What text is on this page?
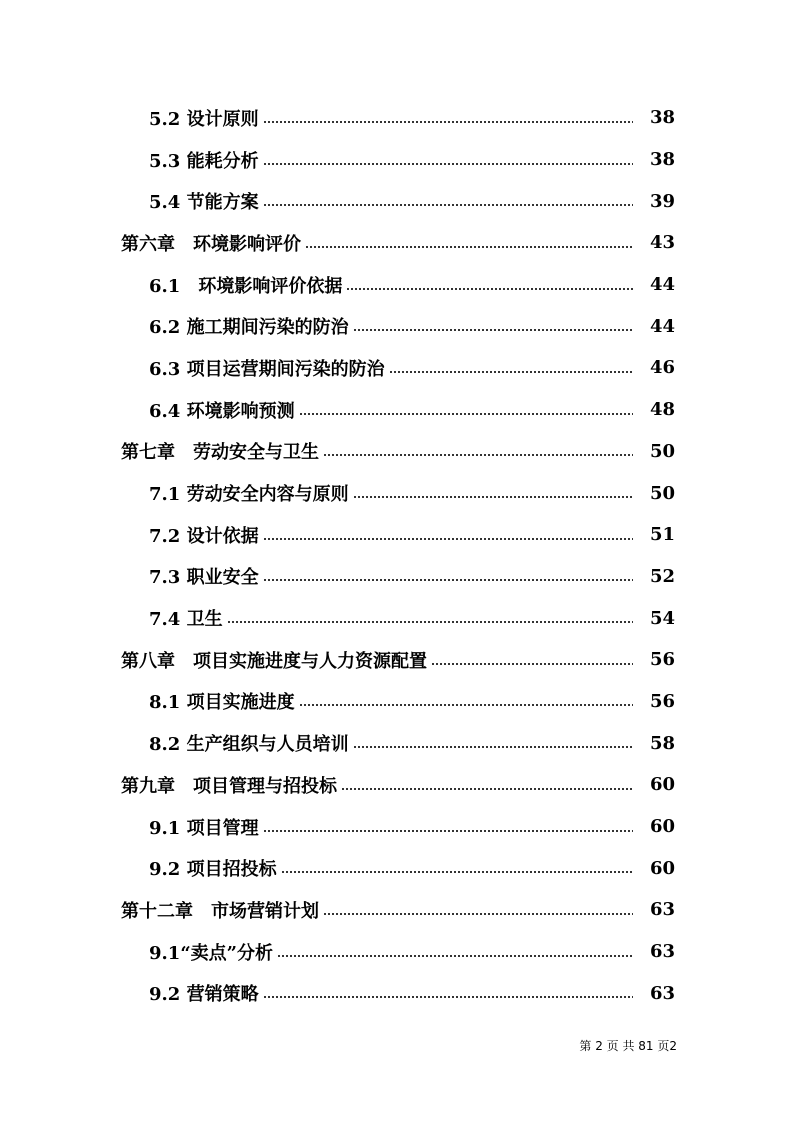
5.2 设计原则	38
5.3 能耗分析	38
5.4 节能方案	39
第六章　环境影响评价	43
6.1　环境影响评价依据	44
6.2 施工期间污染的防治	44
6.3 项目运营期间污染的防治	46
6.4 环境影响预测	48
第七章　劳动安全与卫生	50
7.1 劳动安全内容与原则	50
7.2 设计依据	51
7.3 职业安全	52
7.4 卫生	54
第八章　项目实施进度与人力资源配置	56
8.1 项目实施进度	56
8.2 生产组织与人员培训	58
第九章　项目管理与招投标	60
9.1 项目管理	60
9.2 项目招投标	60
第十二章　市场营销计划	63
9.1“卖点”分析	63
9.2 营销策略	63
第 2 页 共 81 页2
